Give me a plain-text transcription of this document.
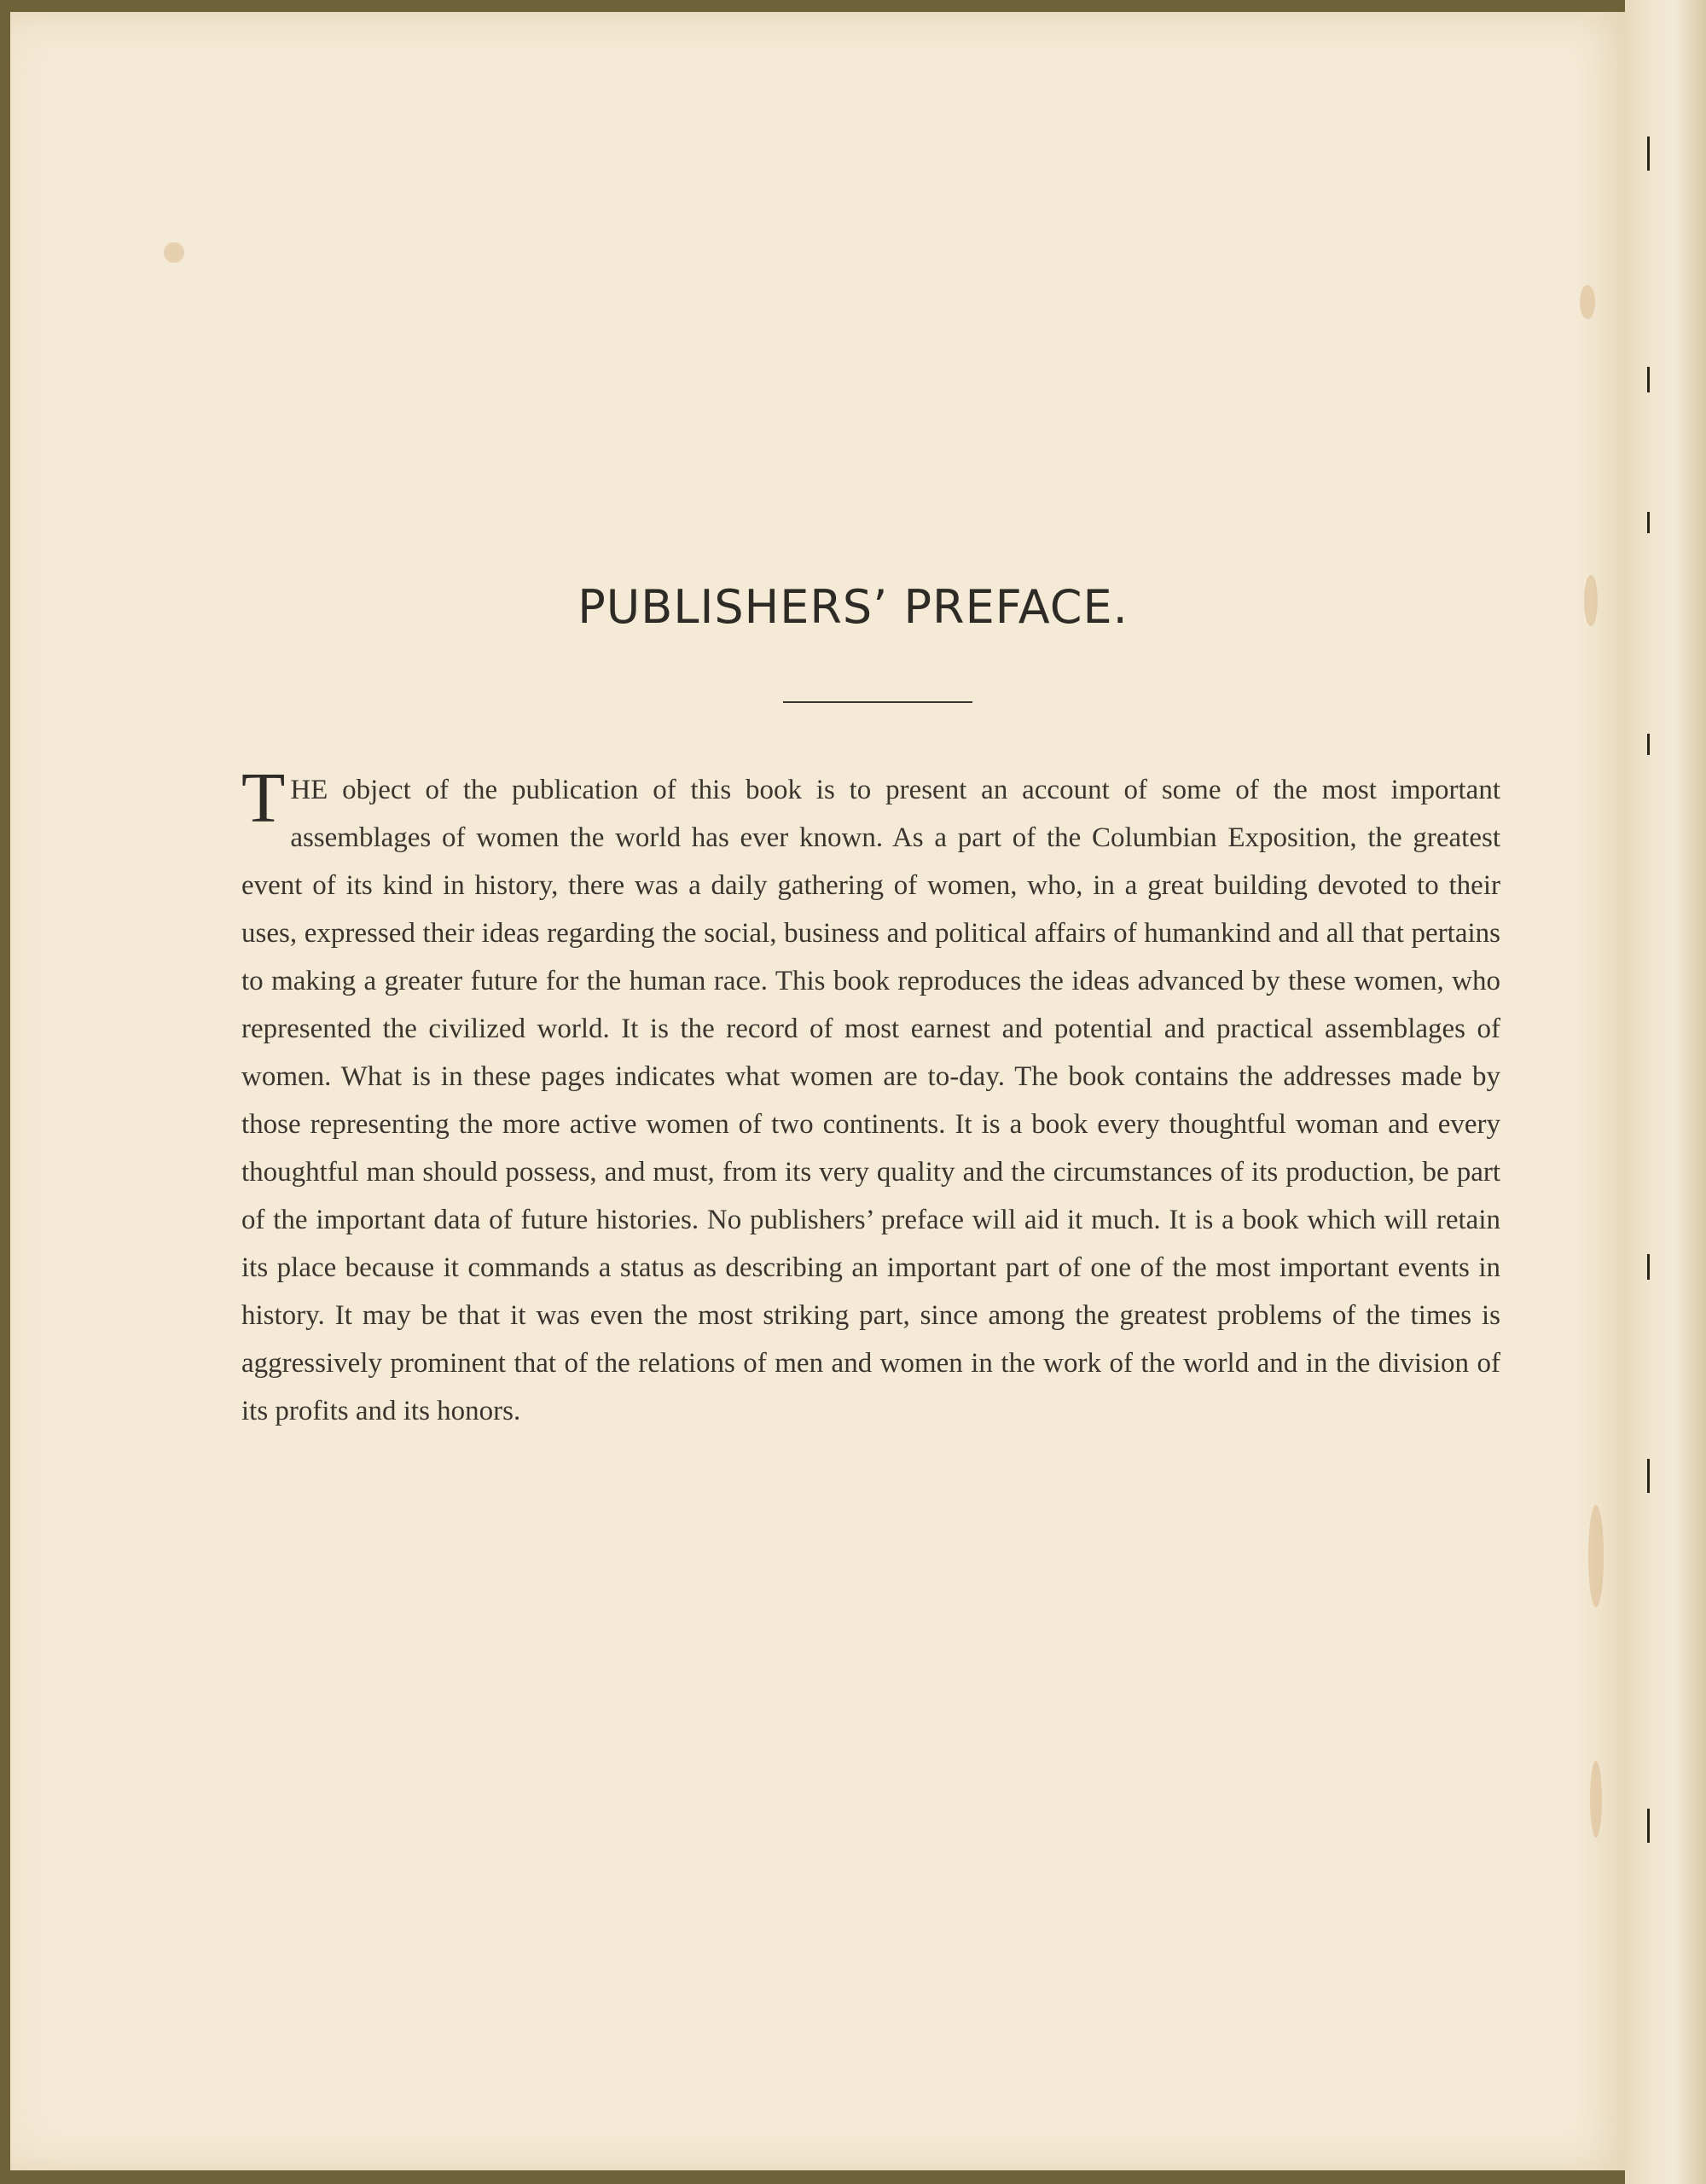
PUBLISHERS’ PREFACE.

THE object of the publication of this book is to present an account of some of the most important assemblages of women the world has ever known. As a part of the Columbian Exposition, the greatest event of its kind in history, there was a daily gathering of women, who, in a great building devoted to their uses, expressed their ideas regarding the social, business and political affairs of humankind and all that pertains to making a greater future for the human race. This book reproduces the ideas advanced by these women, who represented the civilized world. It is the record of most earnest and potential and practical assemblages of women. What is in these pages indicates what women are to-day. The book contains the addresses made by those representing the more active women of two continents. It is a book every thoughtful woman and every thoughtful man should possess, and must, from its very quality and the circumstances of its production, be part of the important data of future histories. No publishers’ preface will aid it much. It is a book which will retain its place because it commands a status as describing an important part of one of the most important events in history. It may be that it was even the most striking part, since among the greatest problems of the times is aggressively prominent that of the relations of men and women in the work of the world and in the division of its profits and its honors.
